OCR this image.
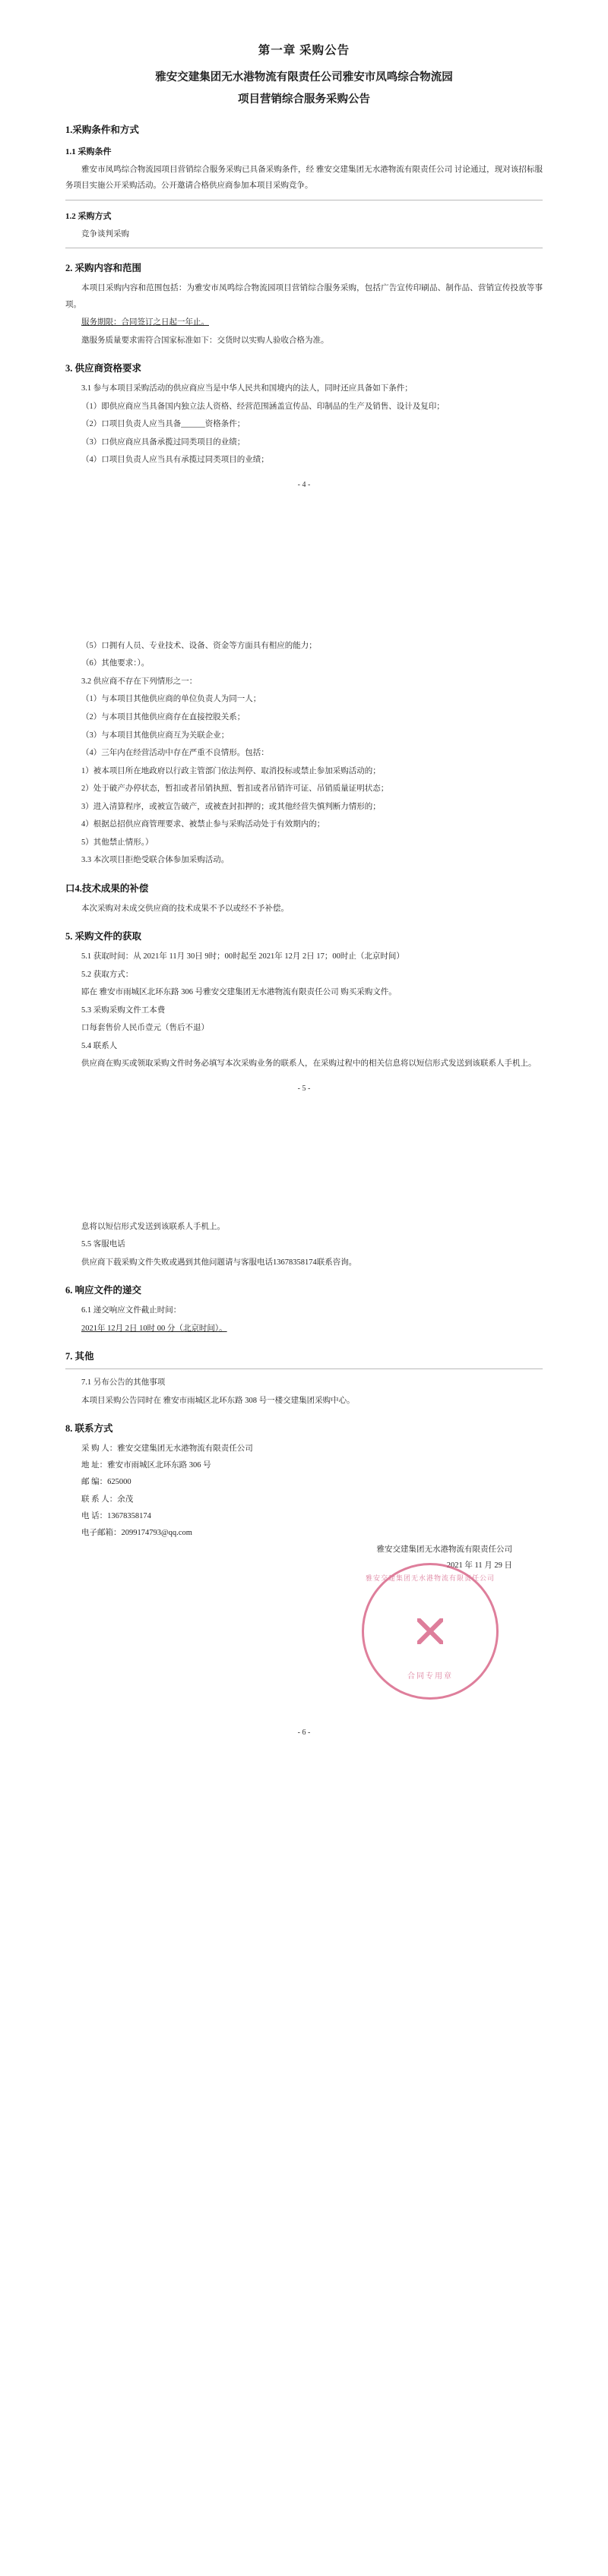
第一章 采购公告
雅安交建集团无水港物流有限责任公司雅安市凤鸣综合物流园
项目营销综合服务采购公告
1.采购条件和方式
1.1 采购条件
雅安市凤鸣综合物流园项目营销综合服务采购已具备采购条件，经 雅安交建集团无水港物流有限责任公司 讨论通过，现对该招标服务项目实施公开采购活动。公开邀请合格供应商参加本项目采购竞争。
1.2 采购方式
竞争谈判采购
2. 采购内容和范围
本项目采购内容和范围包括：为雅安市凤鸣综合物流园项目营销综合服务采购，包括广告宣传印刷品、制作品、营销宣传投放等事项。
服务期限：合同签订之日起一年止。
邀服务质量要求需符合国家标准如下：交货时以实购人验收合格为准。
3. 供应商资格要求
3.1 参与本项目采购活动的供应商应当是中华人民共和国境内的法人，同时还应具备如下条件；
（1）即供应商应当具备国内独立法人资格、经营范围涵盖宣传品、印制品的生产及销售、设计及复印；
（2）口项目负责人应当具备______资格条件；
（3）口供应商应具备承揽过同类项目的业绩；
（4）口项目负责人应当具有承揽过同类项目的业绩；
- 4 -
（5）口拥有人员、专业技术、设备、资金等方面具有相应的能力；
（6）其他要求：）。
3.2 供应商不存在下列情形之一：
（1）与本项目其他供应商的单位负责人为同一人；
（2）与本项目其他供应商存在直接控股关系；
（3）与本项目其他供应商互为关联企业；
（4）三年内在经营活动中存在严重不良情形。包括：
1）被本项目所在地政府以行政主管部门依法判停、取消投标或禁止参加采购活动的；
2）处于破产办停状态，暂扣或者吊销执照、暂扣或者吊销许可证、吊销质量证明状态；
3）进入清算程序，或被宣告破产，或被查封扣押的；或其他经营失慎判断力情形的；
4）根据总招供应商管理要求、被禁止参与采购活动处于有效期内的；
5）其他禁止情形。）
3.3 本次项目拒绝受联合体参加采购活动。
口4.技术成果的补偿
本次采购对未成交供应商的技术成果不予以或经不予补偿。
5. 采购文件的获取
5.1 获取时间：从 2021年 11月 30日 9时；00时起至 2021年 12月 2日 17；00时止（北京时间）
5.2 获取方式：
邼在 雅安市雨城区北环东路 306 号雅安交建集团无水港物流有限责任公司 购买采购文件。
5.3 采购采购文件工本费
口每套售价人民币壹元（售后不退）
5.4 联系人
供应商在购买或领取采购文件时务必填写本次采购业务的联系人，在采购过程中的相关信息将以短信形式发送到该联系人手机上。
- 5 -
息将以短信形式发送到该联系人手机上。
5.5 客服电话
供应商下载采购文件失败或遇到其他问题请与客服电话13678358174联系咨询。
6. 响应文件的递交
6.1 递交响应文件截止时间：
2021年 12月 2日 10时 00 分（北京时间）。
7. 其他
7.1 另布公告的其他事项
本项目采购公告同时在 雅安市雨城区北环东路 308 号一楼交建集团采购中心。
8. 联系方式
采 购 人：雅安交建集团无水港物流有限责任公司
地 址：雅安市雨城区北环东路 306 号
邮 编：625000
联 系 人：余茂
电 话：13678358174
电子邮箱：2099174793@qq.com
雅安交建集团无水港物流有限责任公司
2021 年 11 月 29 日
雅安交建集团无水港物流有限责任公司
合同专用章
- 6 -
